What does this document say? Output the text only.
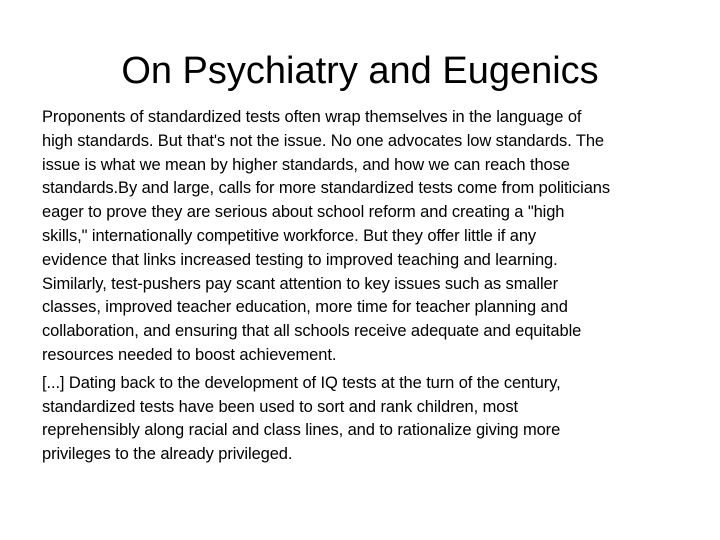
On Psychiatry and Eugenics

Proponents of standardized tests often wrap themselves in the language of
high standards. But that's not the issue. No one advocates low standards. The
issue is what we mean by higher standards, and how we can reach those
standards.By and large, calls for more standardized tests come from politicians
eager to prove they are serious about school reform and creating a "high
skills," internationally competitive workforce. But they offer little if any
evidence that links increased testing to improved teaching and learning.
Similarly, test-pushers pay scant attention to key issues such as smaller
classes, improved teacher education, more time for teacher planning and
collaboration, and ensuring that all schools receive adequate and equitable
resources needed to boost achievement.

[...] Dating back to the development of IQ tests at the turn of the century,
standardized tests have been used to sort and rank children, most
reprehensibly along racial and class lines, and to rationalize giving more
privileges to the already privileged.
